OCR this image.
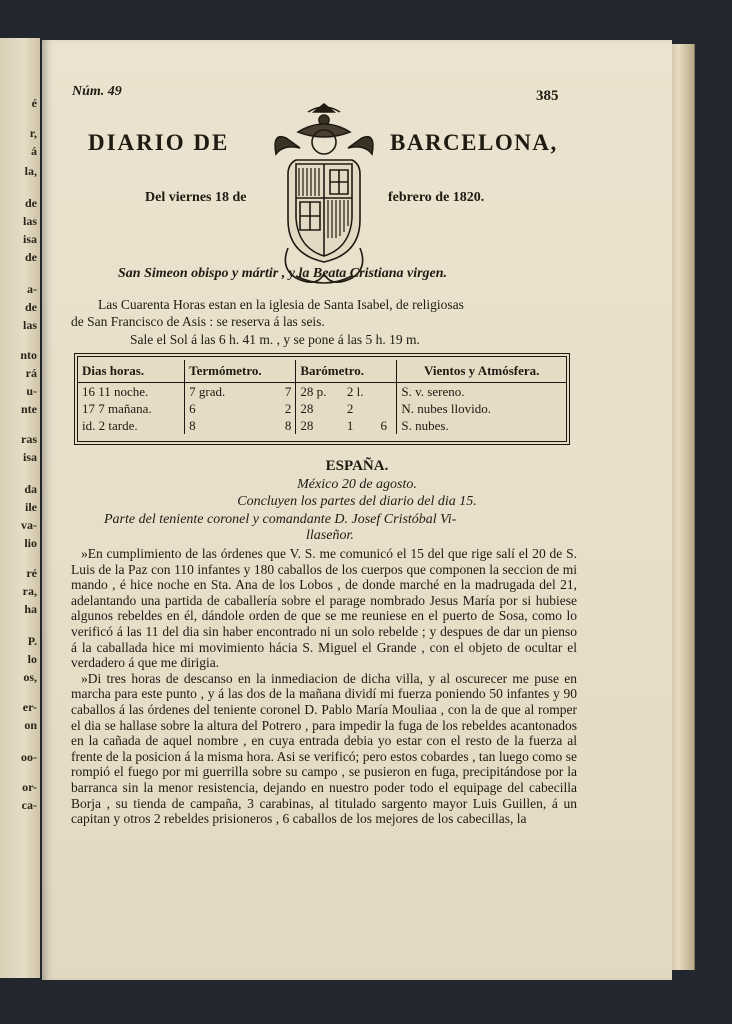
é
r,
á
la,
de
las
isa
de
a-
de
las
nto
rá
u-
nte
ras
isa
da
ile
va-
lio
ré
ra,
ha
P.
lo
os,
er-
on
oo-
or-
ca-
Núm. 49	385
DIARIO DE	BARCELONA,
Del viernes 18 de	febrero de 1820.
San Simeon obispo y mártir , y la Beata Cristiana virgen.
Las Cuarenta Horas estan en la iglesia de Santa Isabel, de religiosas
de San Francisco de Asis : se reserva á las seis.
Sale el Sol á las 6 h. 41 m. , y se pone á las 5 h. 19 m.
Dias horas.	Termómetro.		Barómetro.			Vientos y Atmósfera.
16 11 noche.	7 grad.	7	28 p.	2 l.		S. v. sereno.
17 7 mañana.	6	2	28	2		N. nubes llovido.
id. 2 tarde.	8	8	28	1	6	S. nubes.
ESPAÑA.
México 20 de agosto.
Concluyen los partes del diario del dia 15.
Parte del teniente coronel y comandante D. Josef Cristóbal Vi-
llaseñor.

»En cumplimiento de las órdenes que V. S. me comunicó el 15 del que rige salí el 20 de S. Luis de la Paz con 110 infantes y 180 caballos de los cuerpos que componen la seccion de mi mando , é hice noche en Sta. Ana de los Lobos , de donde marché en la madrugada del 21, adelantando una partida de caballería sobre el parage nombrado Jesus María por si hubiese algunos rebeldes en él, dándole orden de que se me reuniese en el puerto de Sosa, como lo verificó á las 11 del dia sin haber encontrado ni un solo rebelde ; y despues de dar un pienso á la caballada hice mi movimiento hácia S. Miguel el Grande , con el objeto de ocultar el verdadero á que me dirigia.

»Di tres horas de descanso en la inmediacion de dicha villa, y al oscurecer me puse en marcha para este punto , y á las dos de la mañana dividí mi fuerza poniendo 50 infantes y 90 caballos á las órdenes del teniente coronel D. Pablo María Mouliaa , con la de que al romper el dia se hallase sobre la altura del Potrero , para impedir la fuga de los rebeldes acantonados en la cañada de aquel nombre , en cuya entrada debia yo estar con el resto de la fuerza al frente de la posicion á la misma hora. Asi se verificó; pero estos cobardes , tan luego como se rompió el fuego por mi guerrilla sobre su campo , se pusieron en fuga, precipitándose por la barranca sin la menor resistencia, dejando en nuestro poder todo el equipage del cabecilla Borja , su tienda de campaña, 3 carabinas, al titulado sargento mayor Luis Guillen, á un capitan y otros 2 rebeldes prisioneros , 6 caballos de los mejores de los cabecillas, la
